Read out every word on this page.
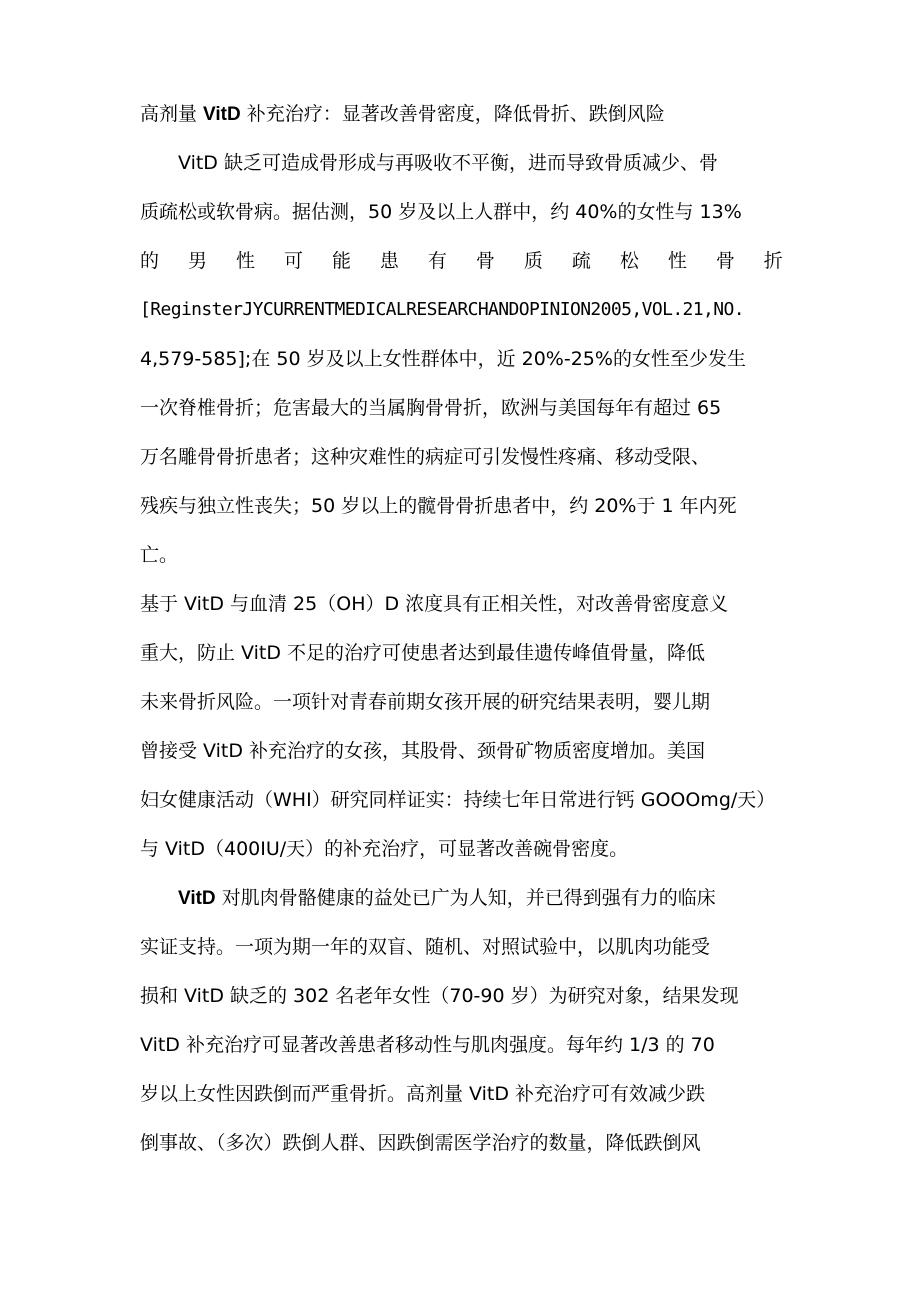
高剂量 VitD 补充治疗：显著改善骨密度，降低骨折、跌倒风险
VitD 缺乏可造成骨形成与再吸收不平衡，进而导致骨质减少、骨
质疏松或软骨病。据估测，50 岁及以上人群中，约 40%的女性与 13%
的 男 性 可 能 患 有 骨 质 疏 松 性 骨 折
[ReginsterJYCURRENTMEDICALRESEARCHANDOPINION2005,VOL.21,NO.
4,579-585];在 50 岁及以上女性群体中，近 20%-25%的女性至少发生
一次脊椎骨折；危害最大的当属胸骨骨折，欧洲与美国每年有超过 65
万名雕骨骨折患者；这种灾难性的病症可引发慢性疼痛、移动受限、
残疾与独立性丧失；50 岁以上的髋骨骨折患者中，约 20%于 1 年内死
亡。
基于 VitD 与血清 25（OH）D 浓度具有正相关性，对改善骨密度意义
重大，防止 VitD 不足的治疗可使患者达到最佳遗传峰值骨量，降低
未来骨折风险。一项针对青春前期女孩开展的研究结果表明，婴儿期
曾接受 VitD 补充治疗的女孩，其股骨、颈骨矿物质密度增加。美国
妇女健康活动（WHI）研究同样证实：持续七年日常进行钙 GOOOmg/天）
与 VitD（400IU/天）的补充治疗，可显著改善碗骨密度。
VitD 对肌肉骨骼健康的益处已广为人知，并已得到强有力的临床
实证支持。一项为期一年的双盲、随机、对照试验中，以肌肉功能受
损和 VitD 缺乏的 302 名老年女性（70-90 岁）为研究对象，结果发现
VitD 补充治疗可显著改善患者移动性与肌肉强度。每年约 1/3 的 70
岁以上女性因跌倒而严重骨折。高剂量 VitD 补充治疗可有效减少跌
倒事故、（多次）跌倒人群、因跌倒需医学治疗的数量，降低跌倒风
